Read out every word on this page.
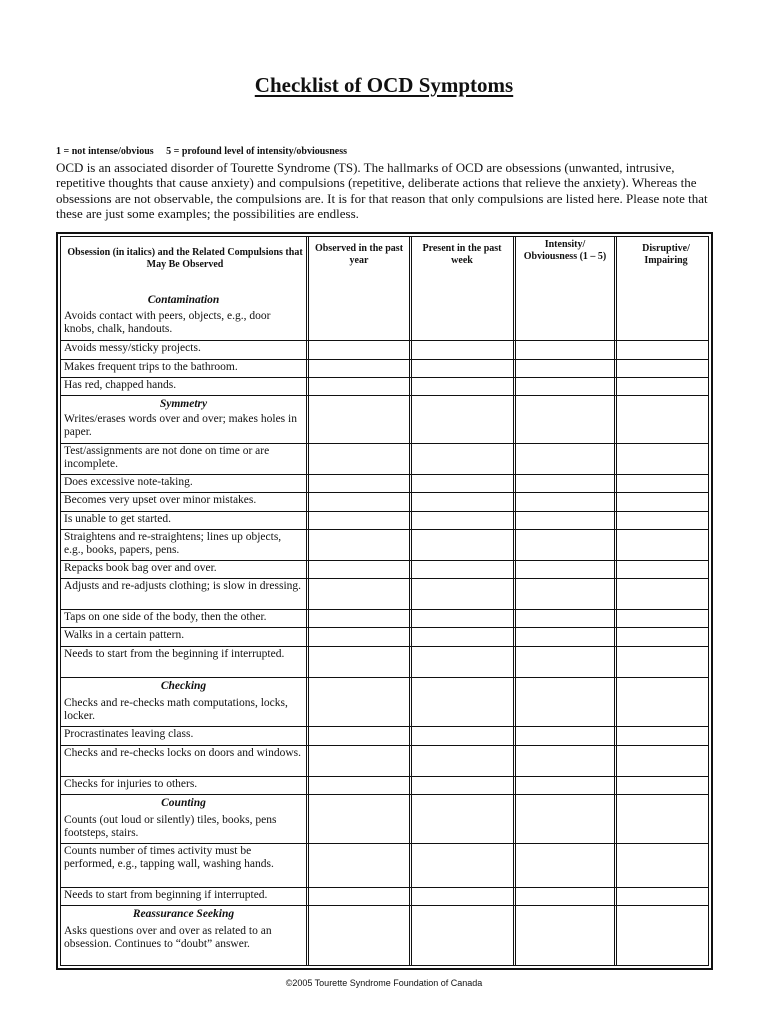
Checklist of OCD Symptoms
1 = not intense/obvious     5 = profound level of intensity/obviousness
OCD is an associated disorder of Tourette Syndrome (TS). The hallmarks of OCD are obsessions (unwanted, intrusive, repetitive thoughts that cause anxiety) and compulsions (repetitive, deliberate actions that relieve the anxiety). Whereas the obsessions are not observable, the compulsions are. It is for that reason that only compulsions are listed here. Please note that these are just some examples; the possibilities are endless.
Obsession (in italics) and the Related Compulsions that May Be Observed
Observed in the past year
Present in the past week
Intensity/ Obviousness (1 – 5)
Disruptive/ Impairing
Contamination
Avoids contact with peers, objects, e.g., door knobs, chalk, handouts.
Avoids messy/sticky projects.
Makes frequent trips to the bathroom.
Has red, chapped hands.
Symmetry
Writes/erases words over and over; makes holes in paper.
Test/assignments are not done on time or are incomplete.
Does excessive note-taking.
Becomes very upset over minor mistakes.
Is unable to get started.
Straightens and re-straightens; lines up objects, e.g., books, papers, pens.
Repacks book bag over and over.
Adjusts and re-adjusts clothing; is slow in dressing.
Taps on one side of the body, then the other.
Walks in a certain pattern.
Needs to start from the beginning if interrupted.
Checking
Checks and re-checks math computations, locks, locker.
Procrastinates leaving class.
Checks and re-checks locks on doors and windows.
Checks for injuries to others.
Counting
Counts (out loud or silently) tiles, books, pens footsteps, stairs.
Counts number of times activity must be performed, e.g., tapping wall, washing hands.
Needs to start from beginning if interrupted.
Reassurance Seeking
Asks questions over and over as related to an obsession. Continues to “doubt” answer.
©2005 Tourette Syndrome Foundation of Canada
